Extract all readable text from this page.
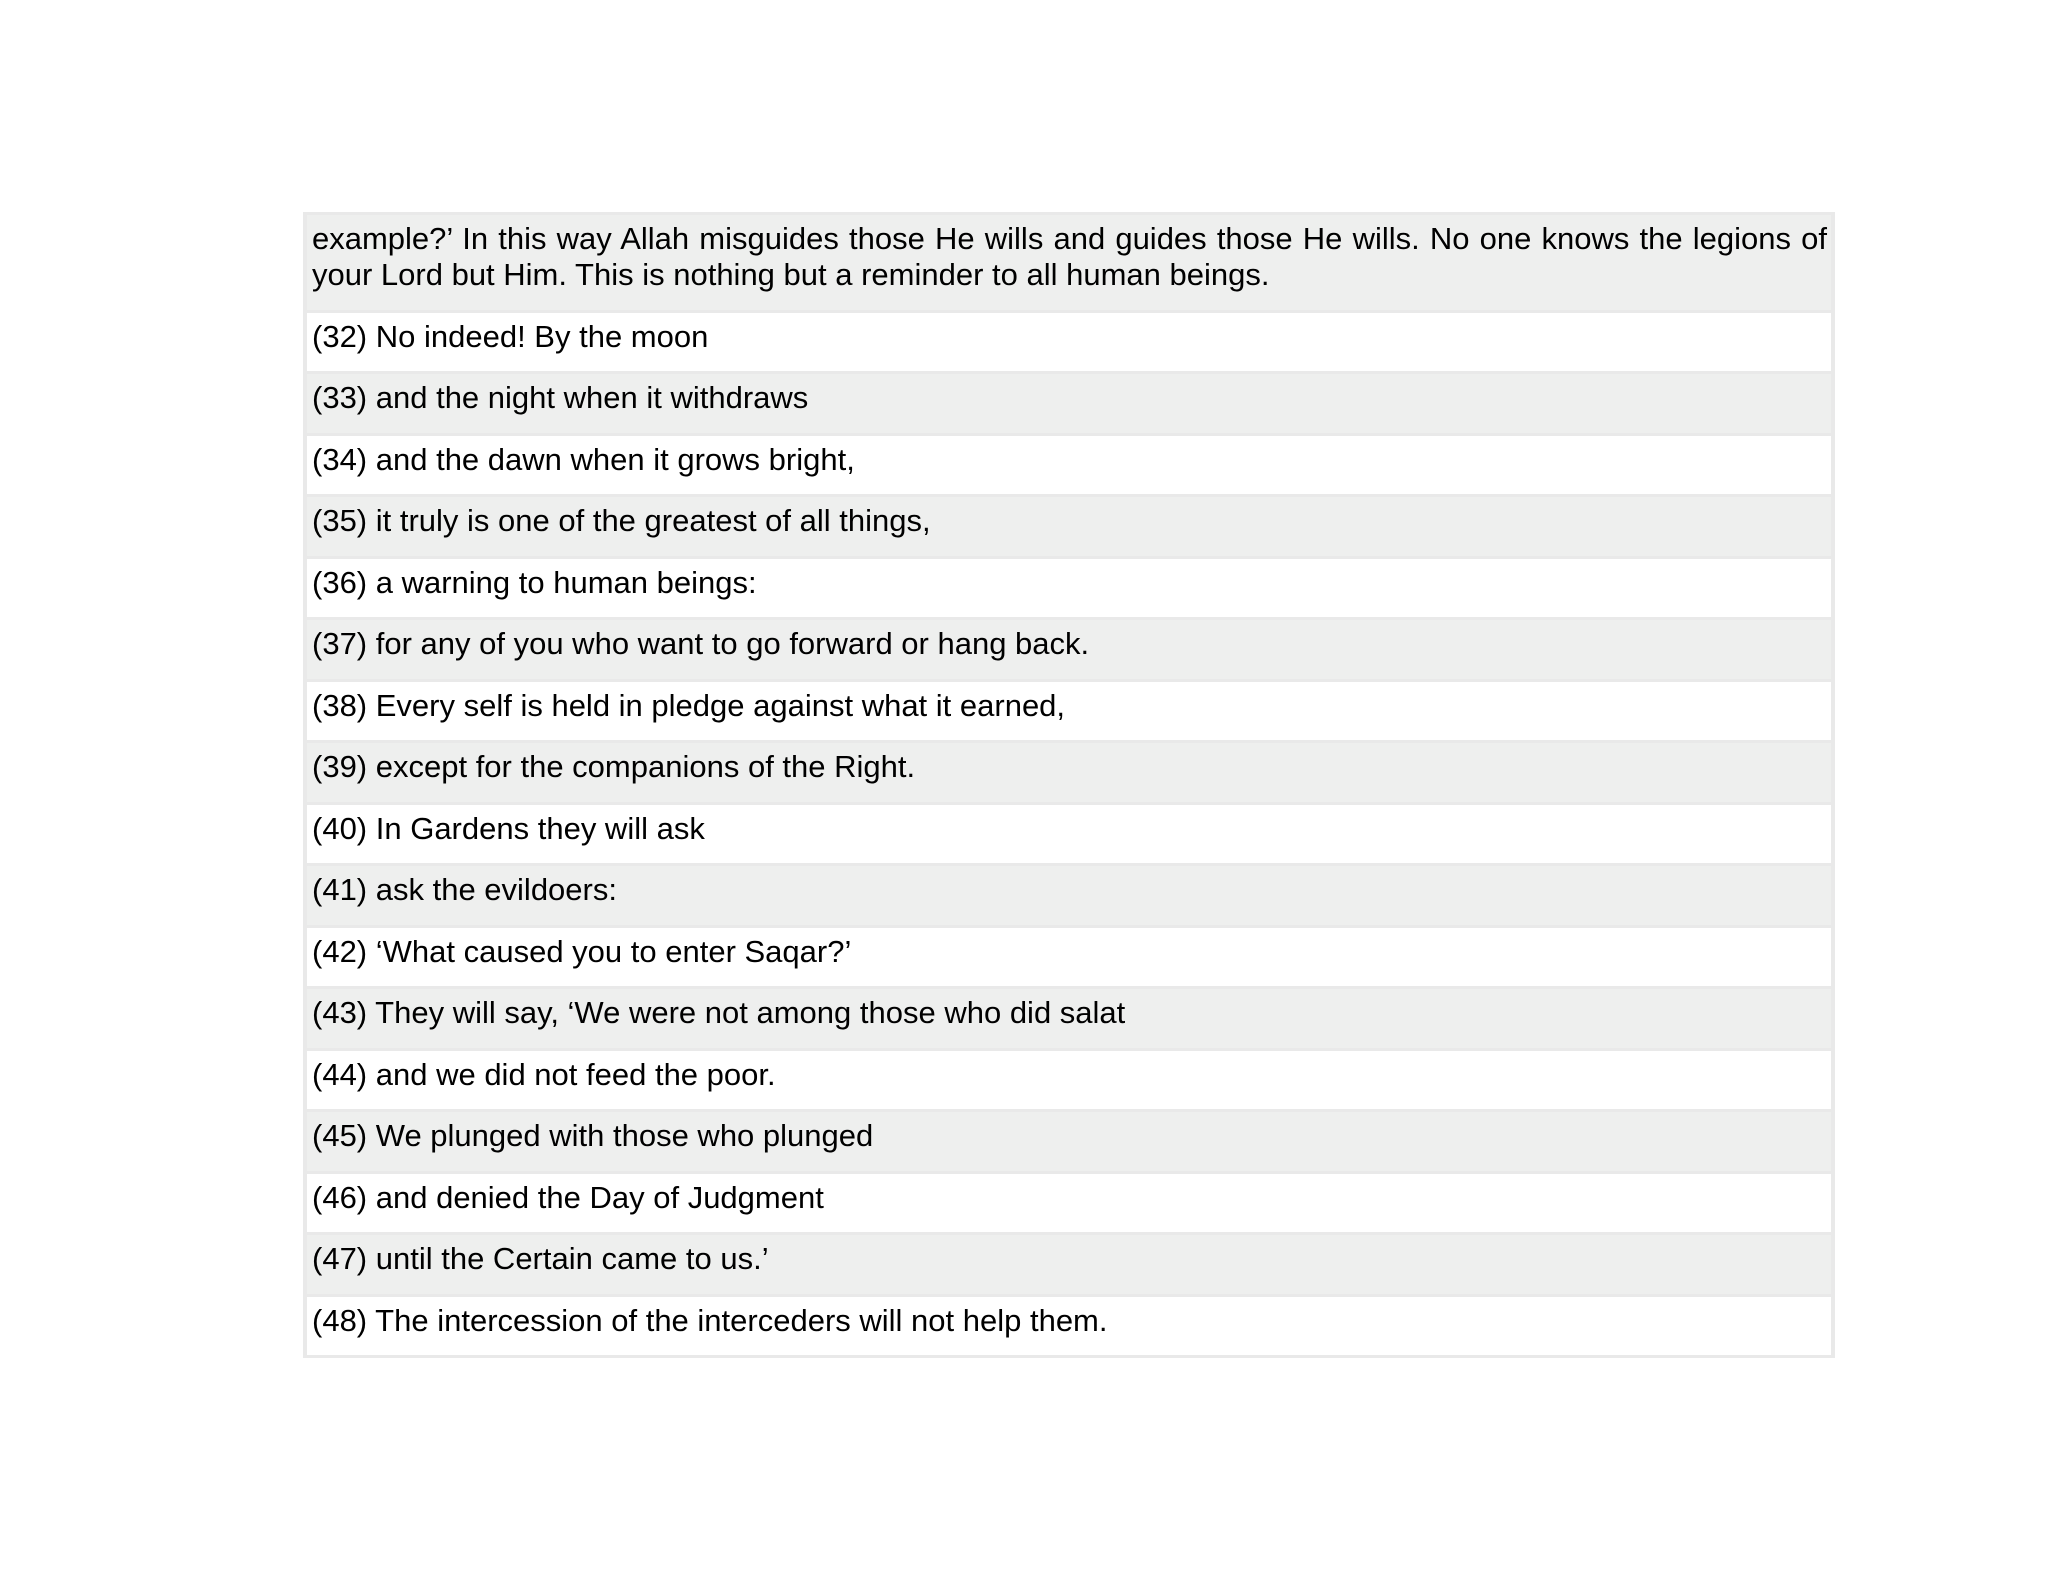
example?’ In this way Allah misguides those He wills and guides those He wills. No one knows the legions of your Lord but Him. This is nothing but a reminder to all human beings.
(32) No indeed! By the moon
(33) and the night when it withdraws
(34) and the dawn when it grows bright,
(35) it truly is one of the greatest of all things,
(36) a warning to human beings:
(37) for any of you who want to go forward or hang back.
(38) Every self is held in pledge against what it earned,
(39) except for the companions of the Right.
(40) In Gardens they will ask
(41) ask the evildoers:
(42) ‘What caused you to enter Saqar?’
(43) They will say, ‘We were not among those who did salat
(44) and we did not feed the poor.
(45) We plunged with those who plunged
(46) and denied the Day of Judgment
(47) until the Certain came to us.’
(48) The intercession of the interceders will not help them.
